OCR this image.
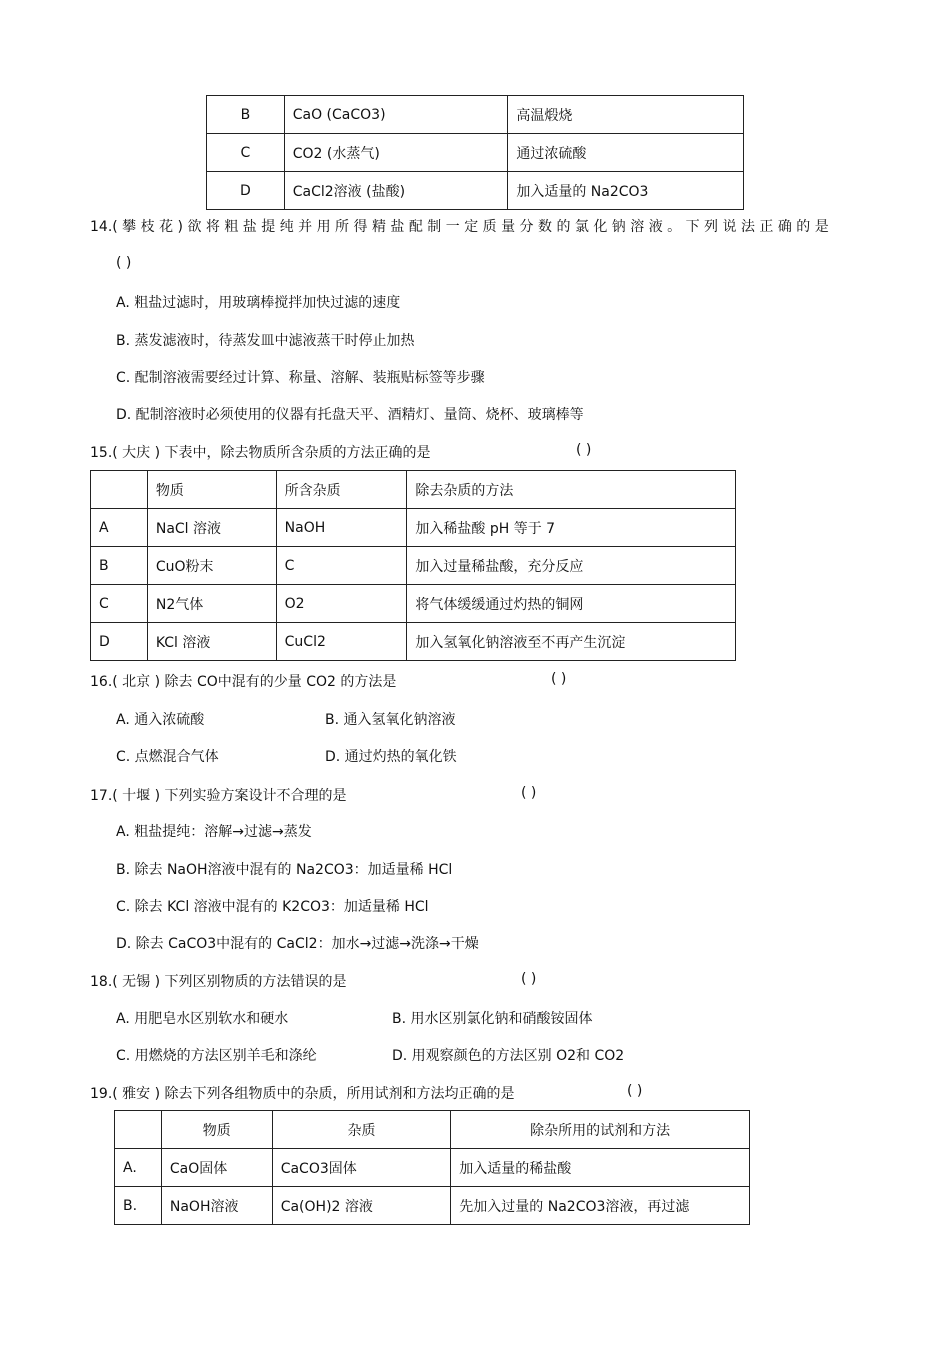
B	CaO (CaCO3)	高温煅烧
C	CO2 (水蒸气)	通过浓硫酸
D	CaCl2溶液 (盐酸)	加入适量的 Na2CO3
14.( 攀 枝 花 ) 欲 将 粗 盐 提 纯 并 用 所 得 精 盐 配 制 一 定 质 量 分 数 的 氯 化 钠 溶 液 。 下 列 说 法 正 确 的 是
( )
A. 粗盐过滤时，用玻璃棒搅拌加快过滤的速度
B. 蒸发滤液时，待蒸发皿中滤液蒸干时停止加热
C. 配制溶液需要经过计算、称量、溶解、装瓶贴标签等步骤
D. 配制溶液时必须使用的仪器有托盘天平、酒精灯、量筒、烧杯、玻璃棒等
15.( 大庆 ) 下表中，除去物质所含杂质的方法正确的是	( )
	物质	所含杂质	除去杂质的方法
A	NaCl 溶液	NaOH	加入稀盐酸 pH 等于 7
B	CuO粉末	C	加入过量稀盐酸，充分反应
C	N2气体	O2	将气体缓缓通过灼热的铜网
D	KCl 溶液	CuCl2	加入氢氧化钠溶液至不再产生沉淀
16.( 北京 ) 除去 CO中混有的少量 CO2 的方法是	( )
A. 通入浓硫酸	B. 通入氢氧化钠溶液
C. 点燃混合气体	D. 通过灼热的氧化铁
17.( 十堰 ) 下列实验方案设计不合理的是	( )
A. 粗盐提纯：溶解→过滤→蒸发
B. 除去 NaOH溶液中混有的 Na2CO3：加适量稀 HCl
C. 除去 KCl 溶液中混有的 K2CO3：加适量稀 HCl
D. 除去 CaCO3中混有的 CaCl2：加水→过滤→洗涤→干燥
18.( 无锡 ) 下列区别物质的方法错误的是	( )
A. 用肥皂水区别软水和硬水	B. 用水区别氯化钠和硝酸铵固体
C. 用燃烧的方法区别羊毛和涤纶	D. 用观察颜色的方法区别 O2和 CO2
19.( 雅安 ) 除去下列各组物质中的杂质，所用试剂和方法均正确的是	( )
	物质	杂质	除杂所用的试剂和方法
A.	CaO固体	CaCO3固体	加入适量的稀盐酸
B.	NaOH溶液	Ca(OH)2 溶液	先加入过量的 Na2CO3溶液，再过滤
